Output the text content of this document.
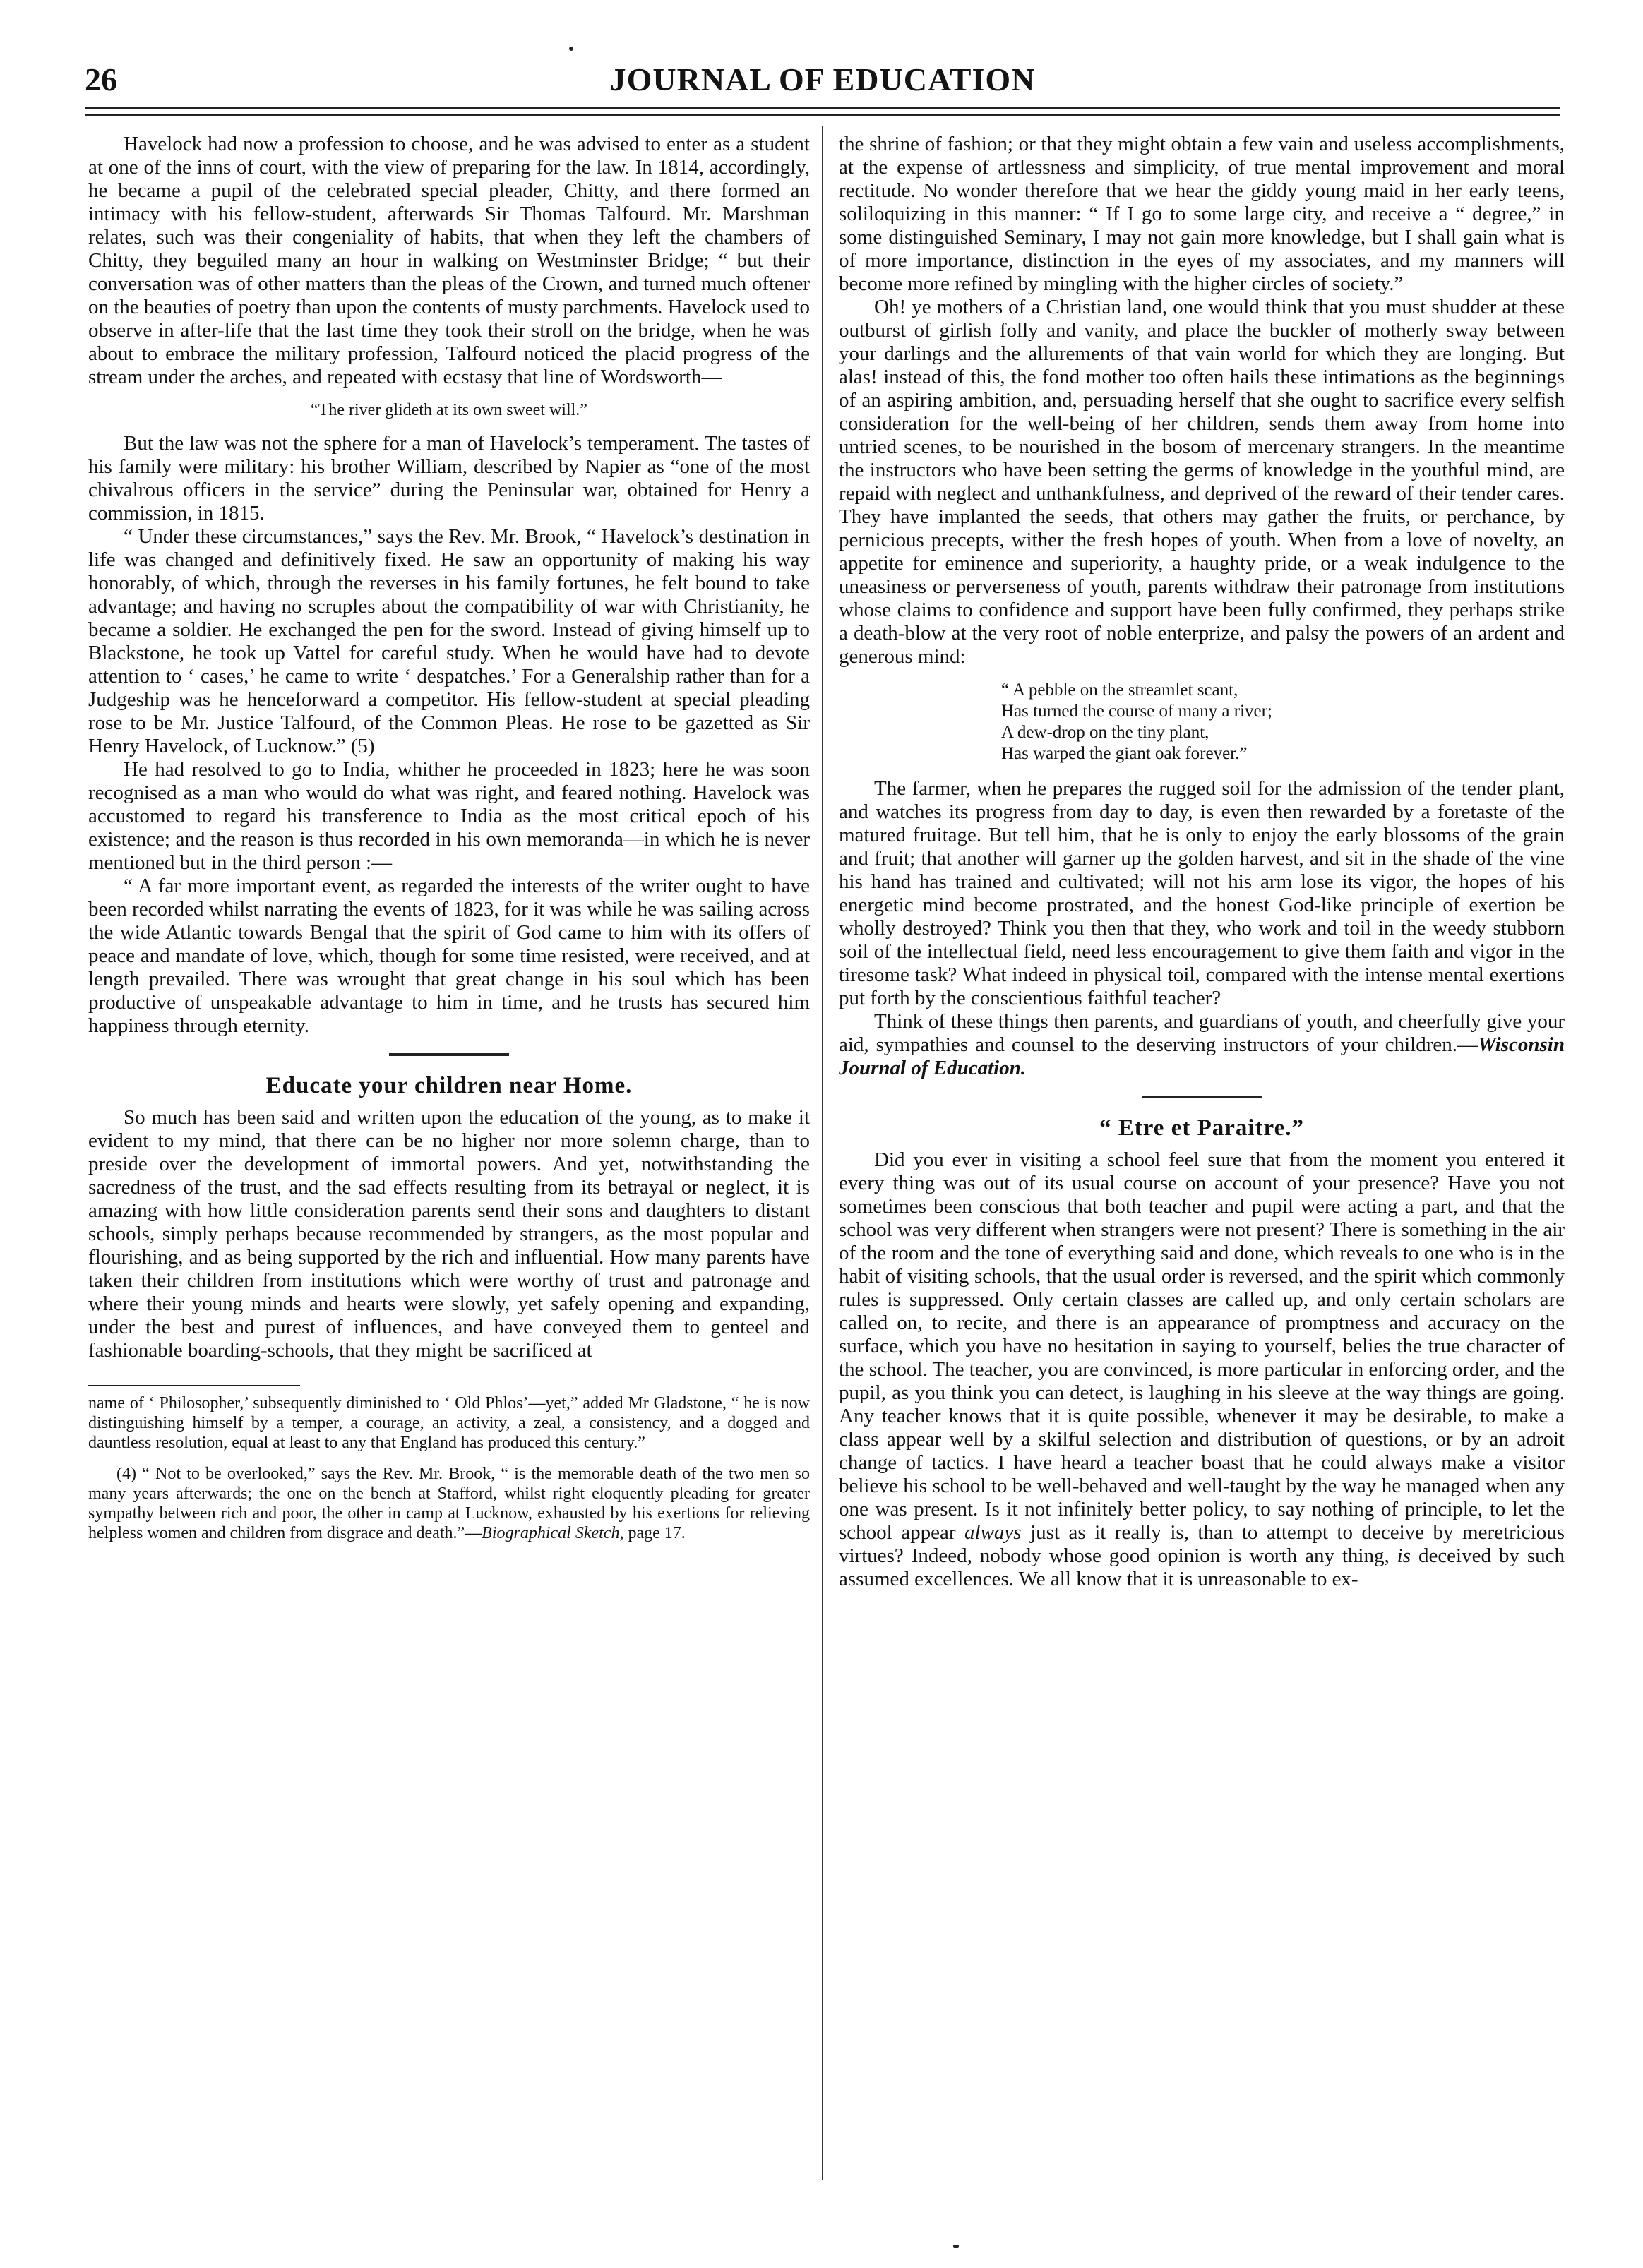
26	JOURNAL OF EDUCATION

Havelock had now a profession to choose, and he was advised to enter as a student at one of the inns of court, with the view of preparing for the law. In 1814, accordingly, he became a pupil of the celebrated special pleader, Chitty, and there formed an intimacy with his fellow-student, afterwards Sir Thomas Talfourd. Mr. Marshman relates, such was their congeniality of habits, that when they left the chambers of Chitty, they beguiled many an hour in walking on Westminster Bridge; “ but their conversation was of other matters than the pleas of the Crown, and turned much oftener on the beauties of poetry than upon the contents of musty parchments. Havelock used to observe in after-life that the last time they took their stroll on the bridge, when he was about to embrace the military profession, Talfourd noticed the placid progress of the stream under the arches, and repeated with ecstasy that line of Wordsworth—

“The river glideth at its own sweet will.”

But the law was not the sphere for a man of Havelock’s temperament. The tastes of his family were military: his brother William, described by Napier as “one of the most chivalrous officers in the service” during the Peninsular war, obtained for Henry a commission, in 1815.

“ Under these circumstances,” says the Rev. Mr. Brook, “ Havelock’s destination in life was changed and definitively fixed. He saw an opportunity of making his way honorably, of which, through the reverses in his family fortunes, he felt bound to take advantage; and having no scruples about the compatibility of war with Christianity, he became a soldier. He exchanged the pen for the sword. Instead of giving himself up to Blackstone, he took up Vattel for careful study. When he would have had to devote attention to ‘ cases,’ he came to write ‘ despatches.’ For a Generalship rather than for a Judgeship was he henceforward a competitor. His fellow-student at special pleading rose to be Mr. Justice Talfourd, of the Common Pleas. He rose to be gazetted as Sir Henry Havelock, of Lucknow.” (5)

He had resolved to go to India, whither he proceeded in 1823; here he was soon recognised as a man who would do what was right, and feared nothing. Havelock was accustomed to regard his transference to India as the most critical epoch of his existence; and the reason is thus recorded in his own memoranda—in which he is never mentioned but in the third person :—

“ A far more important event, as regarded the interests of the writer ought to have been recorded whilst narrating the events of 1823, for it was while he was sailing across the wide Atlantic towards Bengal that the spirit of God came to him with its offers of peace and mandate of love, which, though for some time resisted, were received, and at length prevailed. There was wrought that great change in his soul which has been productive of unspeakable advantage to him in time, and he trusts has secured him happiness through eternity.

Educate your children near Home.

So much has been said and written upon the education of the young, as to make it evident to my mind, that there can be no higher nor more solemn charge, than to preside over the development of immortal powers. And yet, notwithstanding the sacredness of the trust, and the sad effects resulting from its betrayal or neglect, it is amazing with how little consideration parents send their sons and daughters to distant schools, simply perhaps because recommended by strangers, as the most popular and flourishing, and as being supported by the rich and influential. How many parents have taken their children from institutions which were worthy of trust and patronage and where their young minds and hearts were slowly, yet safely opening and expanding, under the best and purest of influences, and have conveyed them to genteel and fashionable boarding-schools, that they might be sacrificed at

name of ‘ Philosopher,’ subsequently diminished to ‘ Old Phlos’—yet,” added Mr Gladstone, “ he is now distinguishing himself by a temper, a courage, an activity, a zeal, a consistency, and a dogged and dauntless resolution, equal at least to any that England has produced this century.”
(4) “ Not to be overlooked,” says the Rev. Mr. Brook, “ is the memorable death of the two men so many years afterwards; the one on the bench at Stafford, whilst right eloquently pleading for greater sympathy between rich and poor, the other in camp at Lucknow, exhausted by his exertions for relieving helpless women and children from disgrace and death.”—Biographical Sketch, page 17.

the shrine of fashion; or that they might obtain a few vain and useless accomplishments, at the expense of artlessness and simplicity, of true mental improvement and moral rectitude. No wonder therefore that we hear the giddy young maid in her early teens, soliloquizing in this manner: “ If I go to some large city, and receive a “ degree,” in some distinguished Seminary, I may not gain more knowledge, but I shall gain what is of more importance, distinction in the eyes of my associates, and my manners will become more refined by mingling with the higher circles of society.”

Oh! ye mothers of a Christian land, one would think that you must shudder at these outburst of girlish folly and vanity, and place the buckler of motherly sway between your darlings and the allurements of that vain world for which they are longing. But alas! instead of this, the fond mother too often hails these intimations as the beginnings of an aspiring ambition, and, persuading herself that she ought to sacrifice every selfish consideration for the well-being of her children, sends them away from home into untried scenes, to be nourished in the bosom of mercenary strangers. In the meantime the instructors who have been setting the germs of knowledge in the youthful mind, are repaid with neglect and unthankfulness, and deprived of the reward of their tender cares. They have implanted the seeds, that others may gather the fruits, or perchance, by pernicious precepts, wither the fresh hopes of youth. When from a love of novelty, an appetite for eminence and superiority, a haughty pride, or a weak indulgence to the uneasiness or perverseness of youth, parents withdraw their patronage from institutions whose claims to confidence and support have been fully confirmed, they perhaps strike a death-blow at the very root of noble enterprize, and palsy the powers of an ardent and generous mind:

“ A pebble on the streamlet scant,
Has turned the course of many a river;
A dew-drop on the tiny plant,
Has warped the giant oak forever.”

The farmer, when he prepares the rugged soil for the admission of the tender plant, and watches its progress from day to day, is even then rewarded by a foretaste of the matured fruitage. But tell him, that he is only to enjoy the early blossoms of the grain and fruit; that another will garner up the golden harvest, and sit in the shade of the vine his hand has trained and cultivated; will not his arm lose its vigor, the hopes of his energetic mind become prostrated, and the honest God-like principle of exertion be wholly destroyed? Think you then that they, who work and toil in the weedy stubborn soil of the intellectual field, need less encouragement to give them faith and vigor in the tiresome task? What indeed in physical toil, compared with the intense mental exertions put forth by the conscientious faithful teacher?

Think of these things then parents, and guardians of youth, and cheerfully give your aid, sympathies and counsel to the deserving instructors of your children.—Wisconsin Journal of Education.

“ Etre et Paraitre.”

Did you ever in visiting a school feel sure that from the moment you entered it every thing was out of its usual course on account of your presence? Have you not sometimes been conscious that both teacher and pupil were acting a part, and that the school was very different when strangers were not present? There is something in the air of the room and the tone of everything said and done, which reveals to one who is in the habit of visiting schools, that the usual order is reversed, and the spirit which commonly rules is suppressed. Only certain classes are called up, and only certain scholars are called on, to recite, and there is an appearance of promptness and accuracy on the surface, which you have no hesitation in saying to yourself, belies the true character of the school. The teacher, you are convinced, is more particular in enforcing order, and the pupil, as you think you can detect, is laughing in his sleeve at the way things are going. Any teacher knows that it is quite possible, whenever it may be desirable, to make a class appear well by a skilful selection and distribution of questions, or by an adroit change of tactics. I have heard a teacher boast that he could always make a visitor believe his school to be well-behaved and well-taught by the way he managed when any one was present. Is it not infinitely better policy, to say nothing of principle, to let the school appear always just as it really is, than to attempt to deceive by meretricious virtues? Indeed, nobody whose good opinion is worth any thing, is deceived by such assumed excellences. We all know that it is unreasonable to ex-
